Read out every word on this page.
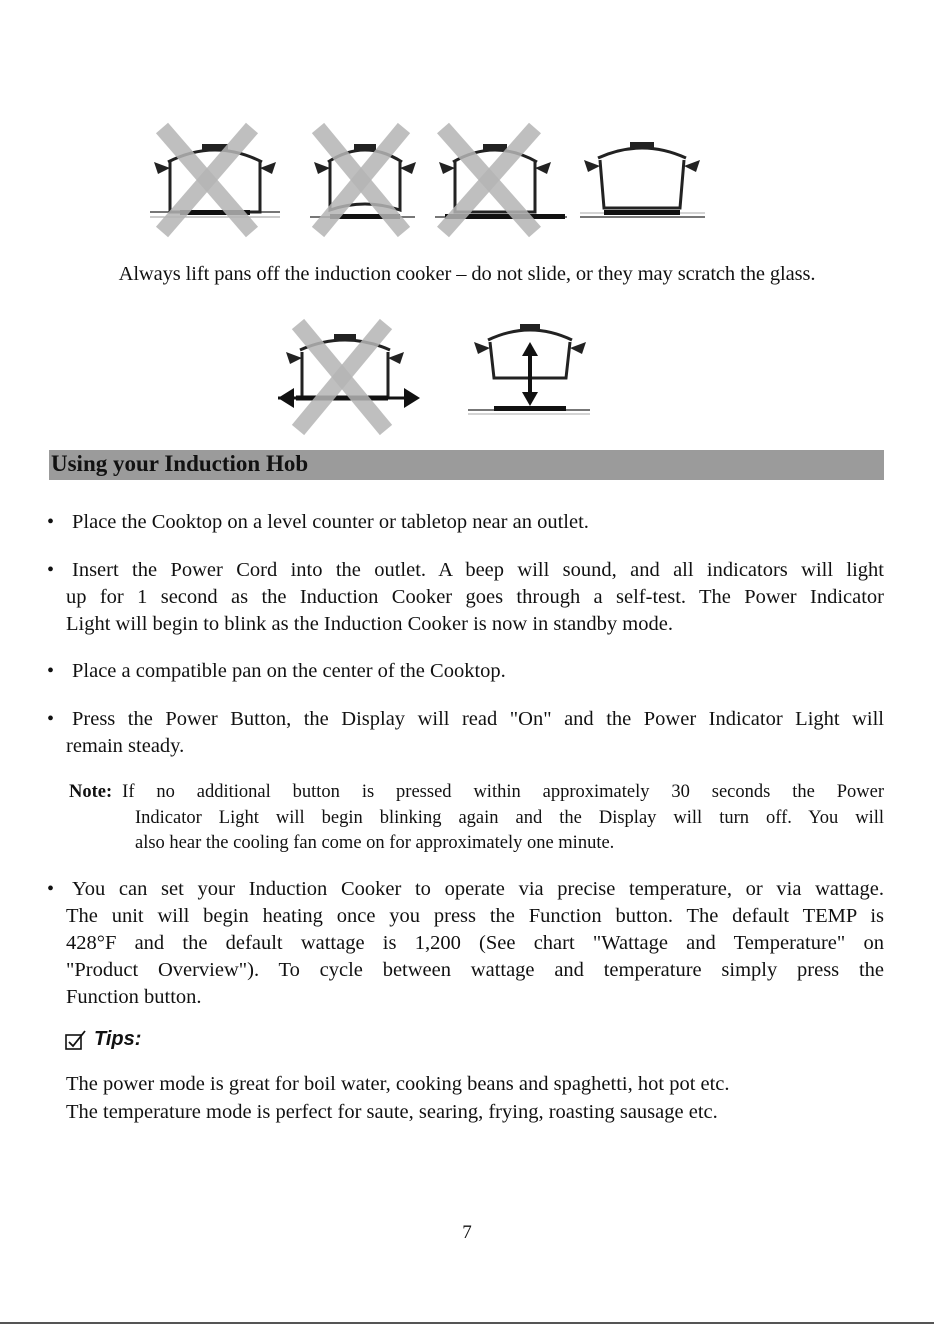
Always lift pans off the induction cooker – do not slide, or they may scratch the glass.
Using your Induction Hob
• Place the Cooktop on a level counter or tabletop near an outlet.
• Insert the Power Cord into the outlet. A beep will sound, and all indicators will light
up for 1 second as the Induction Cooker goes through a self-test. The Power Indicator
Light will begin to blink as the Induction Cooker is now in standby mode.
• Place a compatible pan on the center of the Cooktop.
• Press the Power Button, the Display will read "On" and the Power Indicator Light will
remain steady.
Note: If no additional button is pressed within approximately 30 seconds the Power
Indicator Light will begin blinking again and the Display will turn off. You will
also hear the cooling fan come on for approximately one minute.
• You can set your Induction Cooker to operate via precise temperature, or via wattage.
The unit will begin heating once you press the Function button. The default TEMP is
428°F and the default wattage is 1,200 (See chart "Wattage and Temperature" on
"Product Overview"). To cycle between wattage and temperature simply press the
Function button.
Tips:
The power mode is great for boil water, cooking beans and spaghetti, hot pot etc.
The temperature mode is perfect for saute, searing, frying, roasting sausage etc.
7
